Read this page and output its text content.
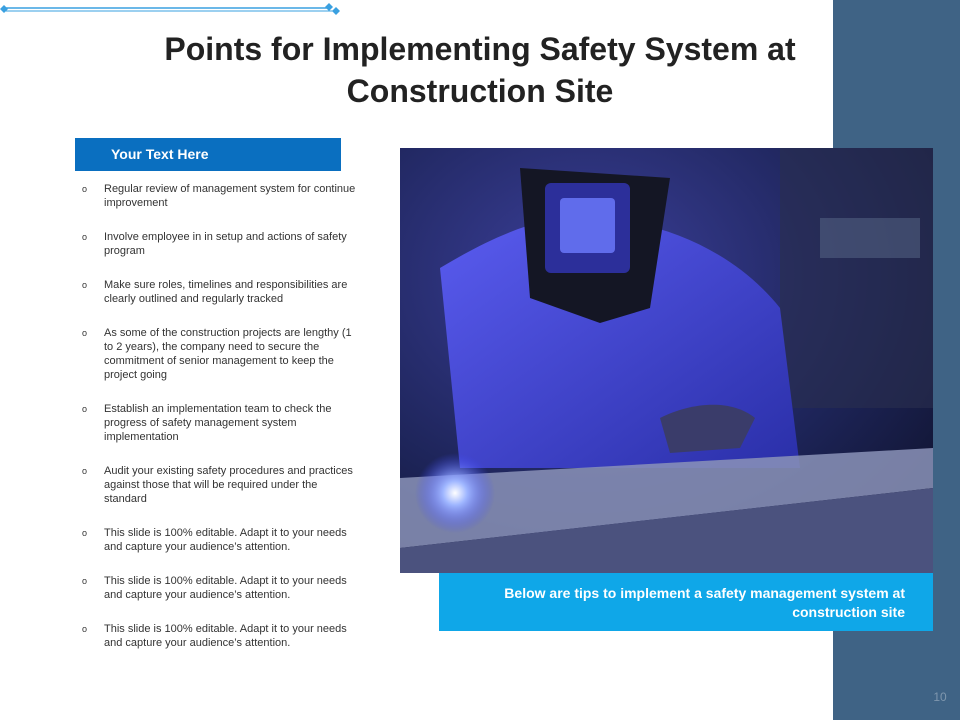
Points for Implementing Safety System at Construction Site
Your Text Here
o	Regular review of management system for continue improvement
o	Involve employee in in setup and actions of safety program
o	Make sure roles, timelines and responsibilities are clearly outlined and regularly tracked
o	As some of the construction projects are lengthy (1 to 2 years), the company need to secure the commitment of senior management to keep the project going
o	Establish an implementation team to check the progress of safety management system implementation
o	Audit your existing safety procedures and practices against those that will be required under the standard
o	This slide is 100% editable. Adapt it to your needs and capture your audience’s attention.
o	This slide is 100% editable. Adapt it to your needs and capture your audience’s attention.
o	This slide is 100% editable. Adapt it to your needs and capture your audience’s attention.
Below are tips to implement a safety management system at construction site
10
